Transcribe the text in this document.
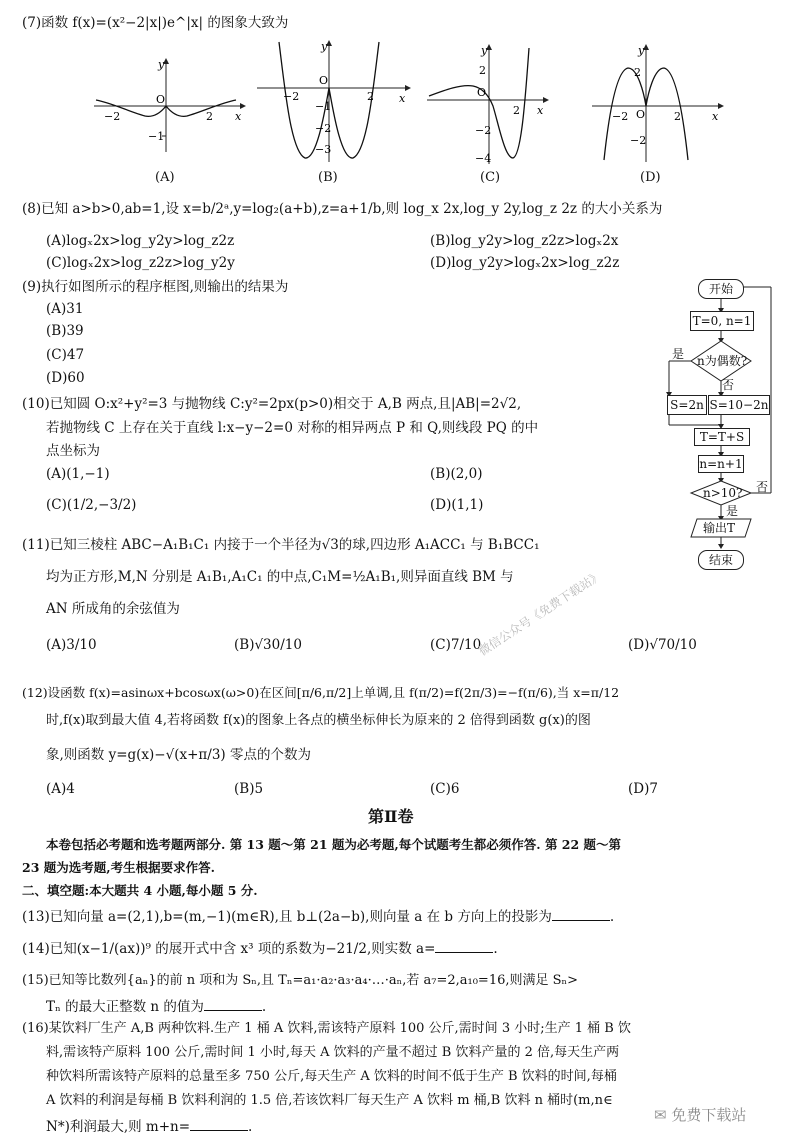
(7)函数 f(x)=(x²−2|x|)e^|x| 的图象大致为
x
y
O
−2	2
−1
x
y
O
−2	2
−1
−2
−3
x
y
O
2
2
−2
−4
x
y
O
−2	2
2
−2
(A)	(B)	(C)	(D)
(8)已知 a>b>0,ab=1,设 x=b/2ᵃ,y=log₂(a+b),z=a+1/b,则 log_x 2x,log_y 2y,log_z 2z 的大小关系为
(A)logₓ2x>log_y2y>log_z2z	(B)log_y2y>log_z2z>logₓ2x
(C)logₓ2x>log_z2z>log_y2y	(D)log_y2y>logₓ2x>log_z2z
(9)执行如图所示的程序框图,则输出的结果为
(A)31
(B)39
(C)47
(D)60
开始
T=0, n=1
n为偶数?
是
否
S=2n S=10−2n
T=T+S
n=n+1
n>10? 否
是
输出T
结束
(10)已知圆 O:x²+y²=3 与抛物线 C:y²=2px(p>0)相交于 A,B 两点,且|AB|=2√2,
若抛物线 C 上存在关于直线 l:x−y−2=0 对称的相异两点 P 和 Q,则线段 PQ 的中
点坐标为
(A)(1,−1)	(B)(2,0)
(C)(1/2,−3/2)	(D)(1,1)
(11)已知三棱柱 ABC−A₁B₁C₁ 内接于一个半径为√3的球,四边形 A₁ACC₁ 与 B₁BCC₁
均为正方形,M,N 分别是 A₁B₁,A₁C₁ 的中点,C₁M=½A₁B₁,则异面直线 BM 与
AN 所成角的余弦值为
(A)3/10	(B)√30/10	(C)7/10	(D)√70/10
(12)设函数 f(x)=asinωx+bcosωx(ω>0)在区间[π/6,π/2]上单调,且 f(π/2)=f(2π/3)=−f(π/6),当 x=π/12
时,f(x)取到最大值 4,若将函数 f(x)的图象上各点的横坐标伸长为原来的 2 倍得到函数 g(x)的图
象,则函数 y=g(x)−√(x+π/3) 零点的个数为
(A)4	(B)5	(C)6	(D)7
第Ⅱ卷
本卷包括必考题和选考题两部分. 第 13 题～第 21 题为必考题,每个试题考生都必须作答. 第 22 题～第
23 题为选考题,考生根据要求作答.
二、填空题:本大题共 4 小题,每小题 5 分.
(13)已知向量 a=(2,1),b=(m,−1)(m∈R),且 b⊥(2a−b),则向量 a 在 b 方向上的投影为	.
(14)已知(x−1/(ax))⁹ 的展开式中含 x³ 项的系数为−21/2,则实数 a=	.
(15)已知等比数列{aₙ}的前 n 项和为 Sₙ,且 Tₙ=a₁·a₂·a₃·a₄·…·aₙ,若 a₇=2,a₁₀=16,则满足 Sₙ>
Tₙ 的最大正整数 n 的值为	.
(16)某饮料厂生产 A,B 两种饮料.生产 1 桶 A 饮料,需该特产原料 100 公斤,需时间 3 小时;生产 1 桶 B 饮
料,需该特产原料 100 公斤,需时间 1 小时,每天 A 饮料的产量不超过 B 饮料产量的 2 倍,每天生产两
种饮料所需该特产原料的总量至多 750 公斤,每天生产 A 饮料的时间不低于生产 B 饮料的时间,每桶
A 饮料的利润是每桶 B 饮料利润的 1.5 倍,若该饮料厂每天生产 A 饮料 m 桶,B 饮料 n 桶时(m,n∈
N*)利润最大,则 m+n=	.
微信公众号《免费下载站》
✉ 免费下载站
